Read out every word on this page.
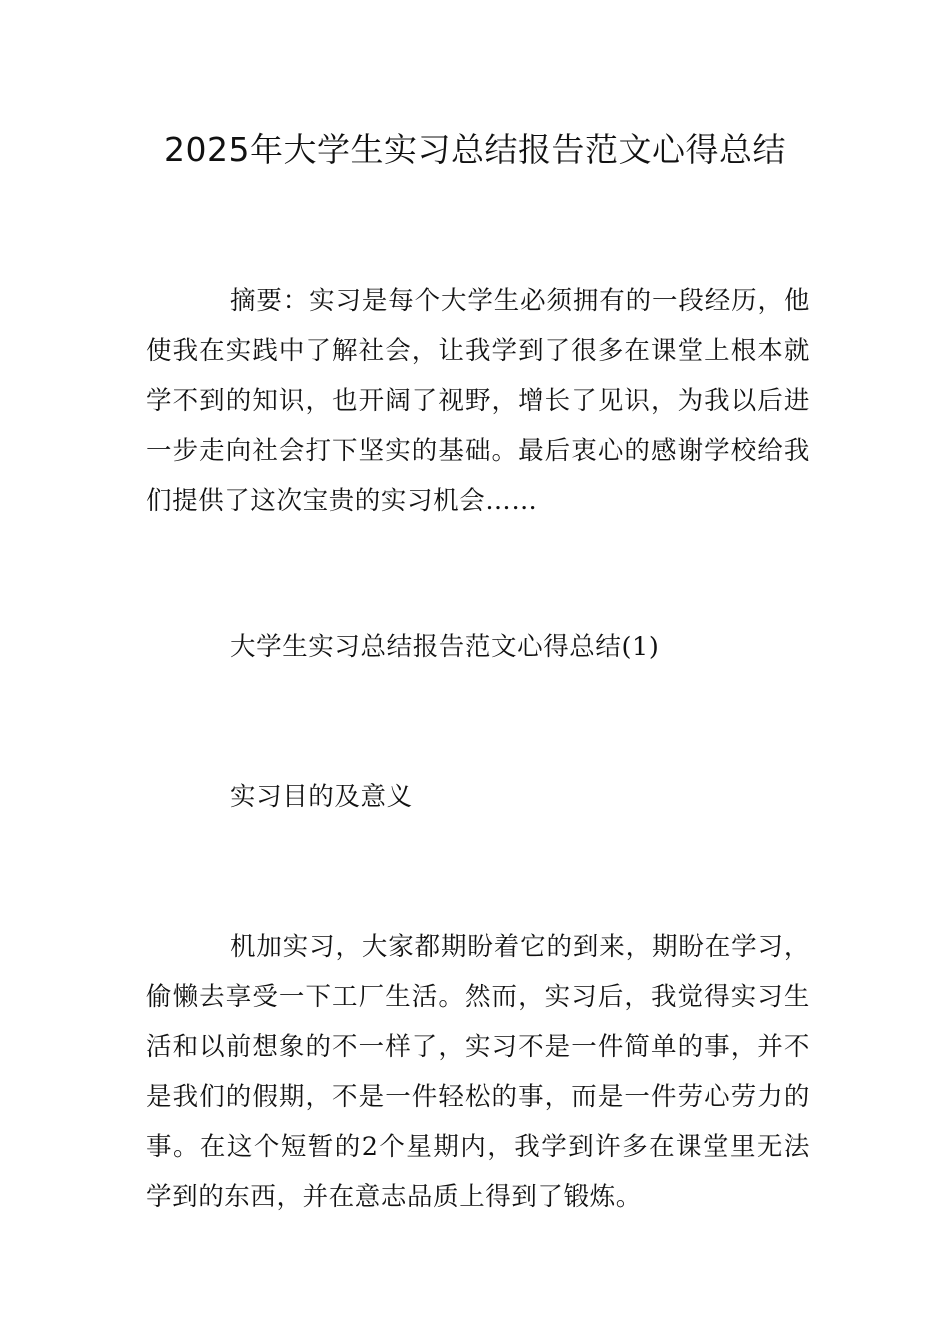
2025年大学生实习总结报告范文心得总结

摘要：实习是每个大学生必须拥有的一段经历，他使我在实践中了解社会，让我学到了很多在课堂上根本就学不到的知识，也开阔了视野，增长了见识，为我以后进一步走向社会打下坚实的基础。最后衷心的感谢学校给我们提供了这次宝贵的实习机会……

大学生实习总结报告范文心得总结(1)
实习目的及意义

机加实习，大家都期盼着它的到来，期盼在学习，偷懒去享受一下工厂生活。然而，实习后，我觉得实习生活和以前想象的不一样了，实习不是一件简单的事，并不是我们的假期，不是一件轻松的事，而是一件劳心劳力的事。在这个短暂的2个星期内，我学到许多在课堂里无法学到的东西，并在意志品质上得到了锻炼。
